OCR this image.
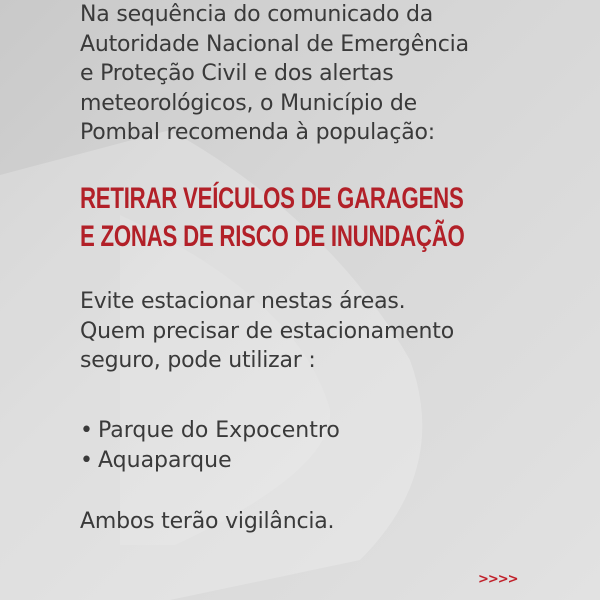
Na sequência do comunicado da
Autoridade Nacional de Emergência
e Proteção Civil e dos alertas
meteorológicos, o Município de
Pombal recomenda à população:

RETIRAR VEÍCULOS DE GARAGENS
E ZONAS DE RISCO DE INUNDAÇÃO

Evite estacionar nestas áreas.
Quem precisar de estacionamento
seguro, pode utilizar :

• Parque do Expocentro
• Aquaparque

Ambos terão vigilância.

>>>>
